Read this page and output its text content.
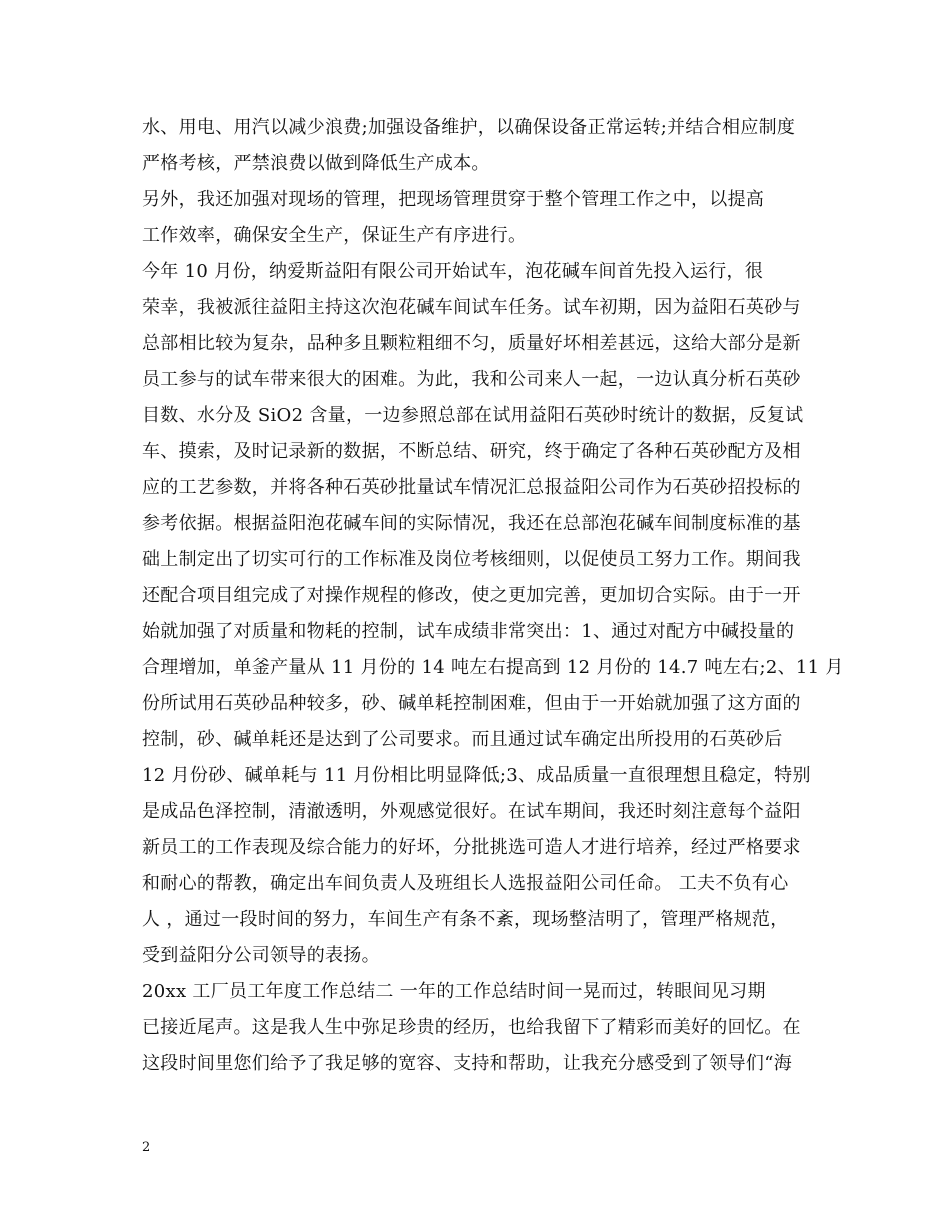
水、用电、用汽以减少浪费;加强设备维护，以确保设备正常运转;并结合相应制度
严格考核，严禁浪费以做到降低生产成本。
另外，我还加强对现场的管理，把现场管理贯穿于整个管理工作之中，以提高
工作效率，确保安全生产，保证生产有序进行。
今年 10 月份，纳爱斯益阳有限公司开始试车，泡花碱车间首先投入运行，很
荣幸，我被派往益阳主持这次泡花碱车间试车任务。试车初期，因为益阳石英砂与
总部相比较为复杂，品种多且颗粒粗细不匀，质量好坏相差甚远，这给大部分是新
员工参与的试车带来很大的困难。为此，我和公司来人一起，一边认真分析石英砂
目数、水分及 SiO2 含量，一边参照总部在试用益阳石英砂时统计的数据，反复试
车、摸索，及时记录新的数据，不断总结、研究，终于确定了各种石英砂配方及相
应的工艺参数，并将各种石英砂批量试车情况汇总报益阳公司作为石英砂招投标的
参考依据。根据益阳泡花碱车间的实际情况，我还在总部泡花碱车间制度标准的基
础上制定出了切实可行的工作标准及岗位考核细则，以促使员工努力工作。期间我
还配合项目组完成了对操作规程的修改，使之更加完善，更加切合实际。由于一开
始就加强了对质量和物耗的控制，试车成绩非常突出：1、通过对配方中碱投量的
合理增加，单釜产量从 11 月份的 14 吨左右提高到 12 月份的 14.7 吨左右;2、11 月
份所试用石英砂品种较多，砂、碱单耗控制困难，但由于一开始就加强了这方面的
控制，砂、碱单耗还是达到了公司要求。而且通过试车确定出所投用的石英砂后
12 月份砂、碱单耗与 11 月份相比明显降低;3、成品质量一直很理想且稳定，特别
是成品色泽控制，清澈透明，外观感觉很好。在试车期间，我还时刻注意每个益阳
新员工的工作表现及综合能力的好坏，分批挑选可造人才进行培养，经过严格要求
和耐心的帮教，确定出车间负责人及班组长人选报益阳公司任命。 工夫不负有心
人 ，通过一段时间的努力，车间生产有条不紊，现场整洁明了，管理严格规范，
受到益阳分公司领导的表扬。
20xx 工厂员工年度工作总结二 一年的工作总结时间一晃而过，转眼间见习期
已接近尾声。这是我人生中弥足珍贵的经历，也给我留下了精彩而美好的回忆。在
这段时间里您们给予了我足够的宽容、支持和帮助，让我充分感受到了领导们“海
2
